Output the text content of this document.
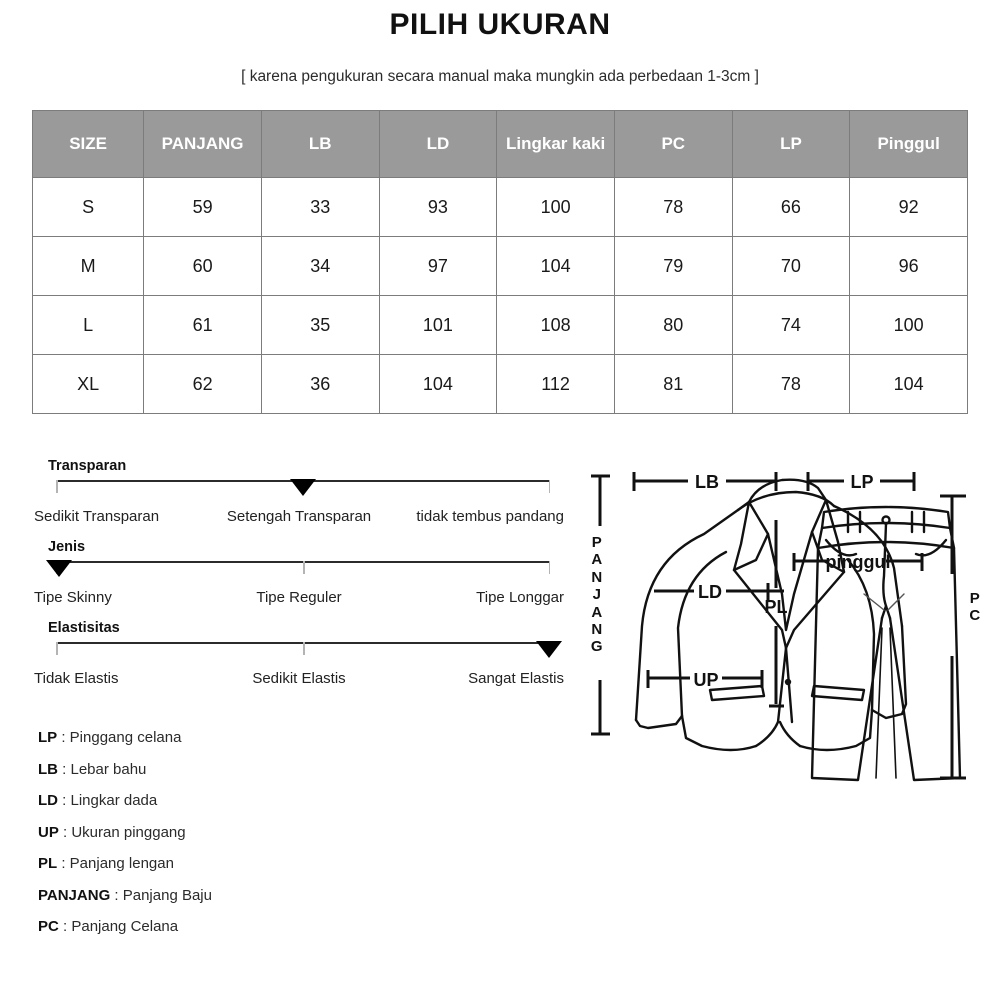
PILIH UKURAN

[ karena pengukuran secara manual maka mungkin ada perbedaan 1-3cm ]

SIZE	PANJANG	LB	LD	Lingkar kaki	PC	LP	Pinggul
S	59	33	93	100	78	66	92
M	60	34	97	104	79	70	96
L	61	35	101	108	80	74	100
XL	62	36	104	112	81	78	104
Transparan
Sedikit Transparan	Setengah Transparan	tidak tembus pandang
Jenis
Tipe Skinny	Tipe Reguler	Tipe Longgar
Elastisitas
Tidak Elastis	Sedikit Elastis	Sangat Elastis
LP : Pinggang celana
LB : Lebar bahu
LD : Lingkar dada
UP : Ukuran pinggang
PL : Panjang lengan
PANJANG : Panjang Baju
PC : Panjang Celana
LB
LD
UP
PL
LP
pinggul
P
A
N
J
A
N
G
P
C
